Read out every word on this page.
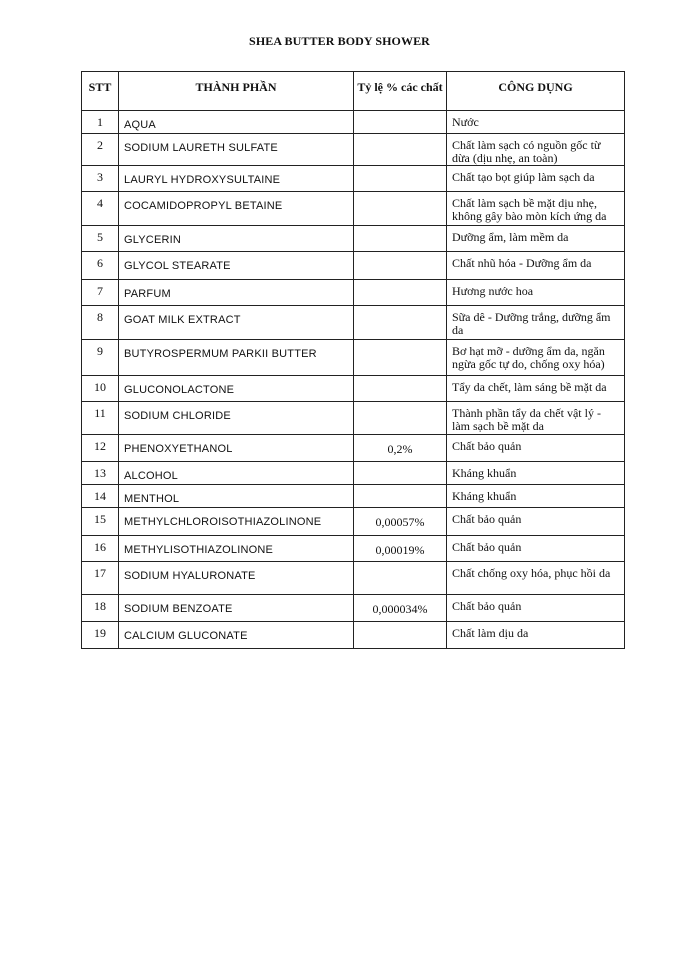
SHEA BUTTER BODY SHOWER
STT	THÀNH PHẦN	Tỷ lệ % các chất	CÔNG DỤNG
1	AQUA		Nước
2	SODIUM LAURETH SULFATE		Chất làm sạch có nguồn gốc từ dừa (dịu nhẹ, an toàn)
3	LAURYL HYDROXYSULTAINE		Chất tạo bọt giúp làm sạch da
4	COCAMIDOPROPYL BETAINE		Chất làm sạch bề mặt dịu nhẹ, không gây bào mòn kích ứng da
5	GLYCERIN		Dưỡng ẩm, làm mềm da
6	GLYCOL STEARATE		Chất nhũ hóa - Dưỡng ẩm da
7	PARFUM		Hương nước hoa
8	GOAT MILK EXTRACT		Sữa dê - Dưỡng trắng, dưỡng ẩm da
9	BUTYROSPERMUM PARKII BUTTER		Bơ hạt mỡ - dưỡng ẩm da, ngăn ngừa gốc tự do, chống oxy hóa)
10	GLUCONOLACTONE		Tẩy da chết, làm sáng bề mặt da
11	SODIUM CHLORIDE		Thành phần tẩy da chết vật lý - làm sạch bề mặt da
12	PHENOXYETHANOL	0,2%	Chất bảo quản
13	ALCOHOL		Kháng khuẩn
14	MENTHOL		Kháng khuẩn
15	METHYLCHLOROISOTHIAZOLINONE	0,00057%	Chất bảo quản
16	METHYLISOTHIAZOLINONE	0,00019%	Chất bảo quản
17	SODIUM HYALURONATE		Chất chống oxy hóa, phục hồi da
18	SODIUM BENZOATE	0,000034%	Chất bảo quản
19	CALCIUM GLUCONATE		Chất làm dịu da
